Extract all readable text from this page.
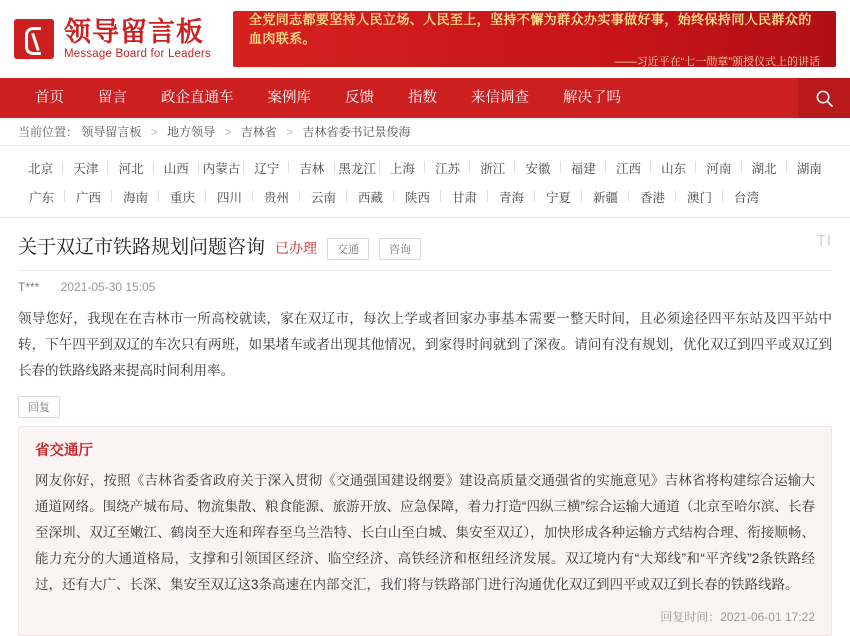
领导留言板
Message Board for Leaders
全党同志都要坚持人民立场、人民至上，坚持不懈为群众办实事做好事，始终保持同人民群众的血肉联系。
——习近平在“七一勋章”颁授仪式上的讲话
首页	留言	政企直通车	案例库	反馈	指数	来信调查	解决了吗
当前位置： 领导留言板 > 地方领导 > 吉林省 > 吉林省委书记景俊海
北京	天津	河北	山西	内蒙古	辽宁	吉林	黑龙江	上海	江苏	浙江	安徽	福建	江西	山东	河南	湖北	湖南
广东	广西	海南	重庆	四川	贵州	云南	西藏	陕西	甘肃	青海	宁夏	新疆	香港	澳门	台湾
关于双辽市铁路规划问题咨询 已办理	交通	咨询
TI
T*** 2021-05-30 15:05
领导您好，我现在在吉林市一所高校就读，家在双辽市，每次上学或者回家办事基本需要一整天时间，且必须途径四平东站及四平站中转，下午四平到双辽的车次只有两班，如果堵车或者出现其他情况，到家得时间就到了深夜。请问有没有规划，优化双辽到四平或双辽到长春的铁路线路来提高时间利用率。
回复
省交通厅
网友你好，按照《吉林省委省政府关于深入贯彻《交通强国建设纲要》建设高质量交通强省的实施意见》吉林省将构建综合运输大通道网络。围绕产城布局、物流集散、粮食能源、旅游开放、应急保障，着力打造“四纵三横”综合运输大通道（北京至哈尔滨、长春至深圳、双辽至嫩江、鹤岗至大连和珲春至乌兰浩特、长白山至白城、集安至双辽），加快形成各种运输方式结构合理、衔接顺畅、能力充分的大通道格局，支撑和引领国区经济、临空经济、高铁经济和枢纽经济发展。双辽境内有“大郑线”和“平齐线”2条铁路经过，还有大广、长深、集安至双辽这3条高速在内部交汇，我们将与铁路部门进行沟通优化双辽到四平或双辽到长春的铁路线路。
回复时间：2021-06-01 17:22
